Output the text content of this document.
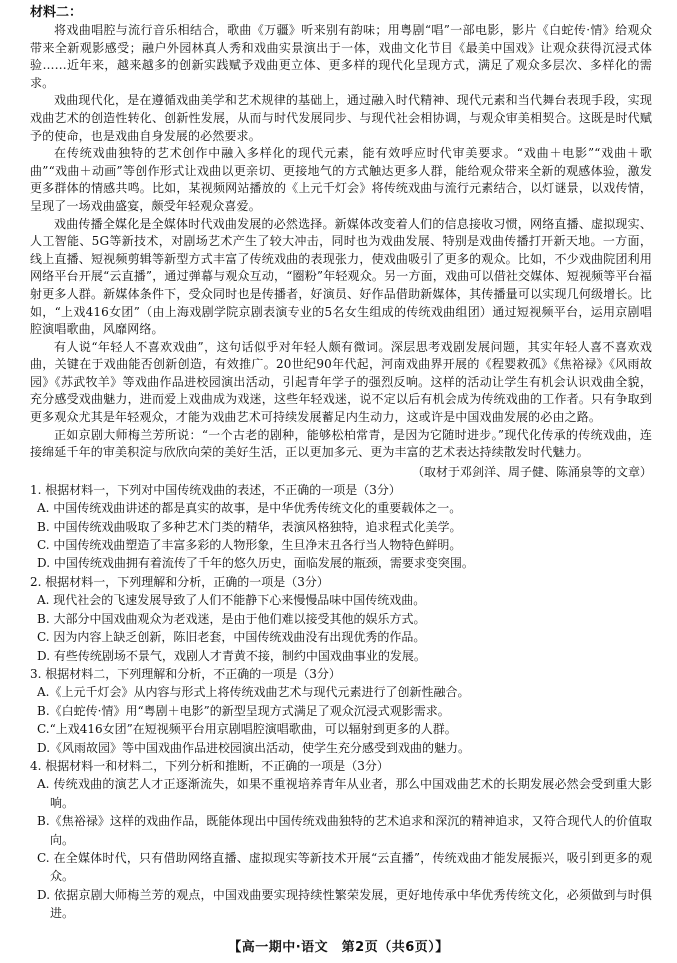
材料二：

将戏曲唱腔与流行音乐相结合，歌曲《万疆》听来别有韵味；用粤剧“唱”一部电影，影片《白蛇传·情》给观众带来全新观影感受；融户外园林真人秀和戏曲实景演出于一体，戏曲文化节目《最美中国戏》让观众获得沉浸式体验……近年来，越来越多的创新实践赋予戏曲更立体、更多样的现代化呈现方式，满足了观众多层次、多样化的需求。

戏曲现代化，是在遵循戏曲美学和艺术规律的基础上，通过融入时代精神、现代元素和当代舞台表现手段，实现戏曲艺术的创造性转化、创新性发展，从而与时代发展同步、与现代社会相协调，与观众审美相契合。这既是时代赋予的使命，也是戏曲自身发展的必然要求。

在传统戏曲独特的艺术创作中融入多样化的现代元素，能有效呼应时代审美要求。“戏曲＋电影”“戏曲＋歌曲”“戏曲＋动画”等创作形式让戏曲以更亲切、更接地气的方式触达更多人群，能给观众带来全新的观感体验，激发更多群体的情感共鸣。比如，某视频网站播放的《上元千灯会》将传统戏曲与流行元素结合，以灯谜景，以戏传情，呈现了一场戏曲盛宴，颇受年轻观众喜爱。

戏曲传播全媒化是全媒体时代戏曲发展的必然选择。新媒体改变着人们的信息接收习惯，网络直播、虚拟现实、人工智能、5G等新技术，对剧场艺术产生了较大冲击，同时也为戏曲发展、特别是戏曲传播打开新天地。一方面，线上直播、短视频剪辑等新型方式丰富了传统戏曲的表现张力，使戏曲吸引了更多的观众。比如，不少戏曲院团利用网络平台开展“云直播”，通过弹幕与观众互动，“圈粉”年轻观众。另一方面，戏曲可以借社交媒体、短视频等平台福射更多人群。新媒体条件下，受众同时也是传播者，好演员、好作品借助新媒体，其传播量可以实现几何级增长。比如，“上戏416女团”（由上海戏剧学院京剧表演专业的5名女生组成的传统戏曲组团）通过短视频平台，运用京剧唱腔演唱歌曲，风靡网络。

有人说“年轻人不喜欢戏曲”，这句话似乎对年轻人颇有微词。深层思考戏剧发展问题，其实年轻人喜不喜欢戏曲，关键在于戏曲能否创新创造，有效推广。20世纪90年代起，河南戏曲界开展的《程婴救孤》《焦裕禄》《风雨故园》《苏武牧羊》等戏曲作品进校园演出活动，引起青年学子的强烈反响。这样的活动让学生有机会认识戏曲全貌，充分感受戏曲魅力，进而爱上戏曲成为戏迷，这些年轻戏迷，说不定以后有机会成为传统戏曲的工作者。只有争取到更多观众尤其是年轻观众，才能为戏曲艺术可持续发展蓄足内生动力，这或许是中国戏曲发展的必由之路。

正如京剧大师梅兰芳所说：“一个古老的剧种，能够松柏常青，是因为它随时进步。”现代化传承的传统戏曲，连接绵延千年的审美积淀与欣欣向荣的美好生活，正以更加多元、更为丰富的艺术表达持续散发时代魅力。

（取材于邓剑洋、周子健、陈涌泉等的文章）

1. 根据材料一，下列对中国传统戏曲的表述，不正确的一项是（3分）

A. 中国传统戏曲讲述的都是真实的故事，是中华优秀传统文化的重要载体之一。

B. 中国传统戏曲吸取了多种艺术门类的精华，表演风格独特，追求程式化美学。

C. 中国传统戏曲塑造了丰富多彩的人物形象，生旦净末丑各行当人物特色鲜明。

D. 中国传统戏曲拥有着流传了千年的悠久历史，面临发展的瓶颈，需要求变突围。

2. 根据材料一，下列理解和分析，正确的一项是（3分）

A. 现代社会的飞速发展导致了人们不能静下心来慢慢品味中国传统戏曲。

B. 大部分中国戏曲观众为老戏迷，是由于他们难以接受其他的娱乐方式。

C. 因为内容上缺乏创新，陈旧老套，中国传统戏曲没有出现优秀的作品。

D. 有些传统剧场不景气，戏剧人才青黄不接，制约中国戏曲事业的发展。

3. 根据材料二，下列理解和分析，不正确的一项是（3分）

A.《上元千灯会》从内容与形式上将传统戏曲艺术与现代元素进行了创新性融合。

B.《白蛇传·情》用“粤剧＋电影”的新型呈现方式满足了观众沉浸式观影需求。

C.“上戏416女团”在短视频平台用京剧唱腔演唱歌曲，可以辐射到更多的人群。

D.《风雨故园》等中国戏曲作品进校园演出活动，使学生充分感受到戏曲的魅力。

4. 根据材料一和材料二，下列分析和推断，不正确的一项是（3分）

A. 传统戏曲的演艺人才正逐渐流失，如果不重视培养青年从业者，那么中国戏曲艺术的长期发展必然会受到重大影响。

B.《焦裕禄》这样的戏曲作品，既能体现出中国传统戏曲独特的艺术追求和深沉的精神追求，又符合现代人的价值取向。

C. 在全媒体时代，只有借助网络直播、虚拟现实等新技术开展“云直播”，传统戏曲才能发展振兴，吸引到更多的观众。

D. 依据京剧大师梅兰芳的观点，中国戏曲要实现持续性繁荣发展，更好地传承中华优秀传统文化，必须做到与时俱进。

【高一期中·语文　第2页（共6页）】
